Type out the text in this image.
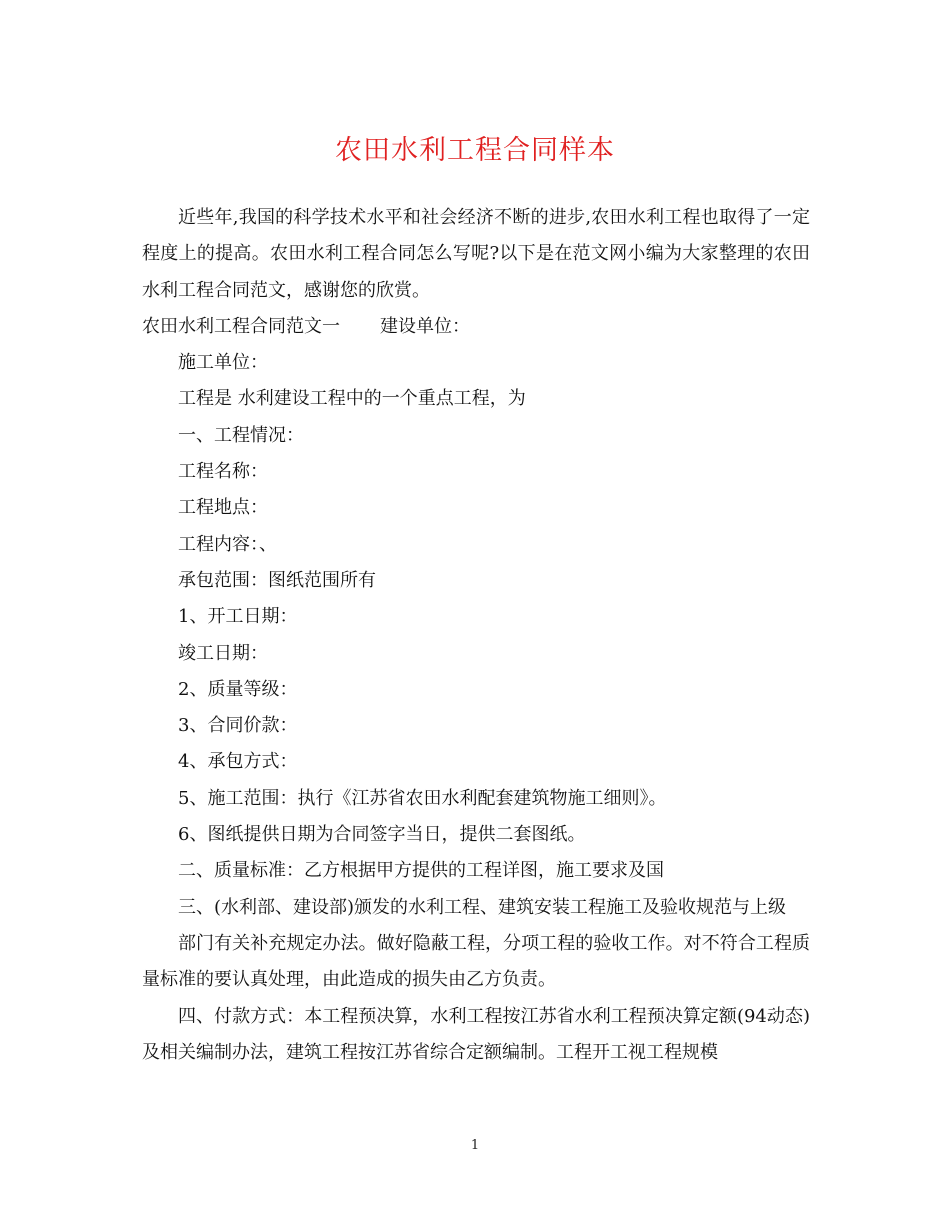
农田水利工程合同样本

近些年,我国的科学技术水平和社会经济不断的进步,农田水利工程也取得了一定程度上的提高。农田水利工程合同怎么写呢?以下是在范文网小编为大家整理的农田水利工程合同范文，感谢您的欣赏。

农田水利工程合同范文一 建设单位：

施工单位：

工程是 水利建设工程中的一个重点工程，为

一、工程情况：

工程名称：

工程地点：

工程内容：、

承包范围：图纸范围所有

1、开工日期：

竣工日期：

2、质量等级：

3、合同价款：

4、承包方式：

5、施工范围：执行《江苏省农田水利配套建筑物施工细则》。

6、图纸提供日期为合同签字当日，提供二套图纸。

二、质量标准：乙方根据甲方提供的工程详图，施工要求及国

三、(水利部、建设部)颁发的水利工程、建筑安装工程施工及验收规范与上级

部门有关补充规定办法。做好隐蔽工程，分项工程的验收工作。对不符合工程质量标准的要认真处理，由此造成的损失由乙方负责。

四、付款方式：本工程预决算，水利工程按江苏省水利工程预决算定额(94动态)及相关编制办法，建筑工程按江苏省综合定额编制。工程开工视工程规模

1
